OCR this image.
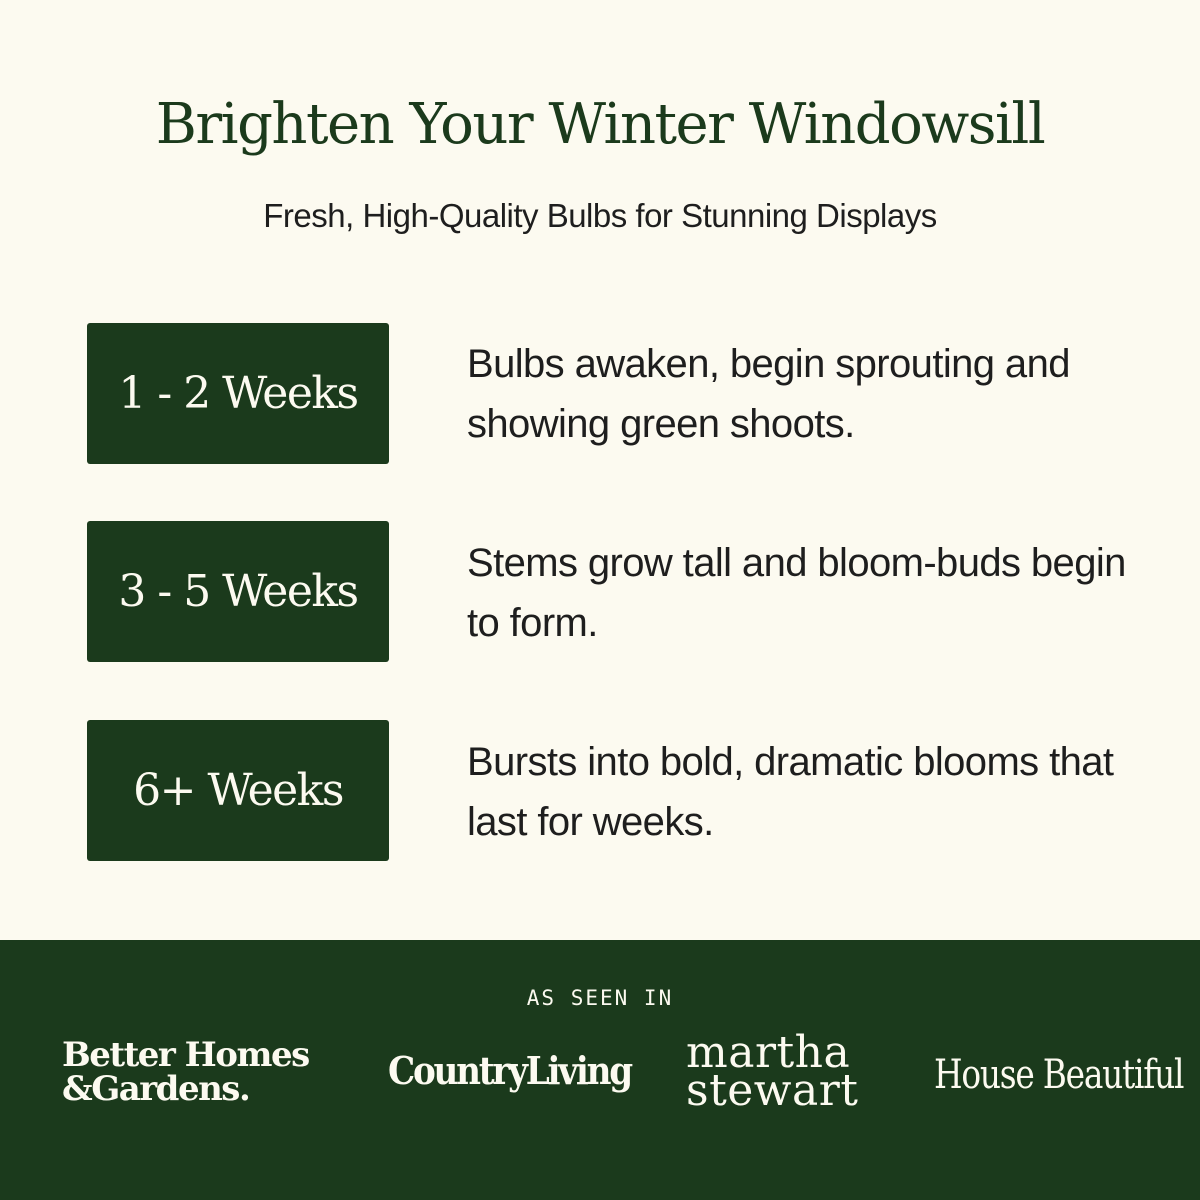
Brighten Your Winter Windowsill

Fresh, High-Quality Bulbs for Stunning Displays

1 - 2 Weeks
Bulbs awaken, begin sprouting and showing green shoots.
3 - 5 Weeks
Stems grow tall and bloom-buds begin to form.
6+ Weeks
Bursts into bold, dramatic blooms that last for weeks.
AS SEEN IN
Better Homes
&Gardens.	CountryLiving martha
stewart House Beautiful
